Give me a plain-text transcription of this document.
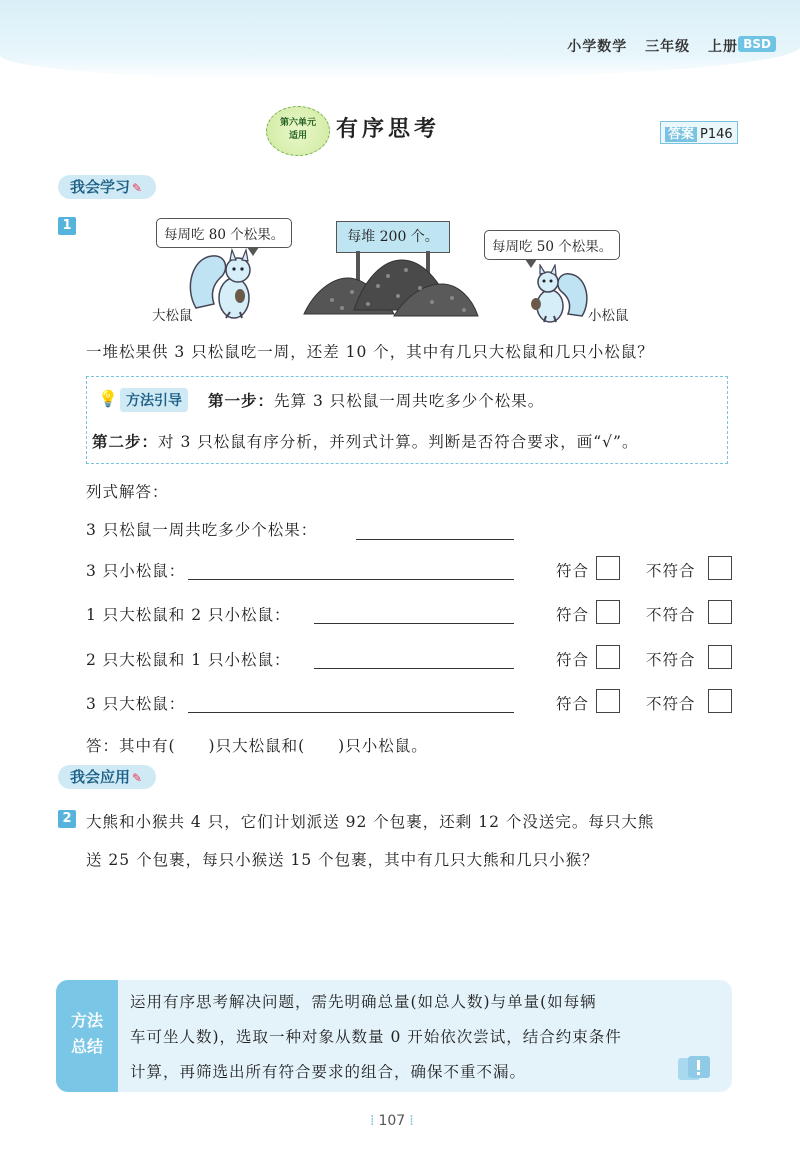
小学数学 三年级 上册 BSD
第六单元
适用	有序思考	答案 P146
我会学习 ✎
1
每周吃 80 个松果。	每堆 200 个。
每周吃 50 个松果。
大松鼠	小松鼠
一堆松果供 3 只松鼠吃一周，还差 10 个，其中有几只大松鼠和几只小松鼠？
💡 方法引导	第一步：先算 3 只松鼠一周共吃多少个松果。
第二步：对 3 只松鼠有序分析，并列式计算。判断是否符合要求，画“√”。
列式解答：
3 只松鼠一周共吃多少个松果：
3 只小松鼠：	符合	不符合
1 只大松鼠和 2 只小松鼠：	符合	不符合
2 只大松鼠和 1 只小松鼠：	符合	不符合
3 只大松鼠：	符合	不符合
答：其中有(　　)只大松鼠和(　　)只小松鼠。
我会应用 ✎
2 大熊和小猴共 4 只，它们计划派送 92 个包裹，还剩 12 个没送完。每只大熊
送 25 个包裹，每只小猴送 15 个包裹，其中有几只大熊和几只小猴？
方法
总结
运用有序思考解决问题，需先明确总量(如总人数)与单量(如每辆
车可坐人数)，选取一种对象从数量 0 开始依次尝试，结合约束条件
计算，再筛选出所有符合要求的组合，确保不重不漏。
⁞ 107 ⁞
